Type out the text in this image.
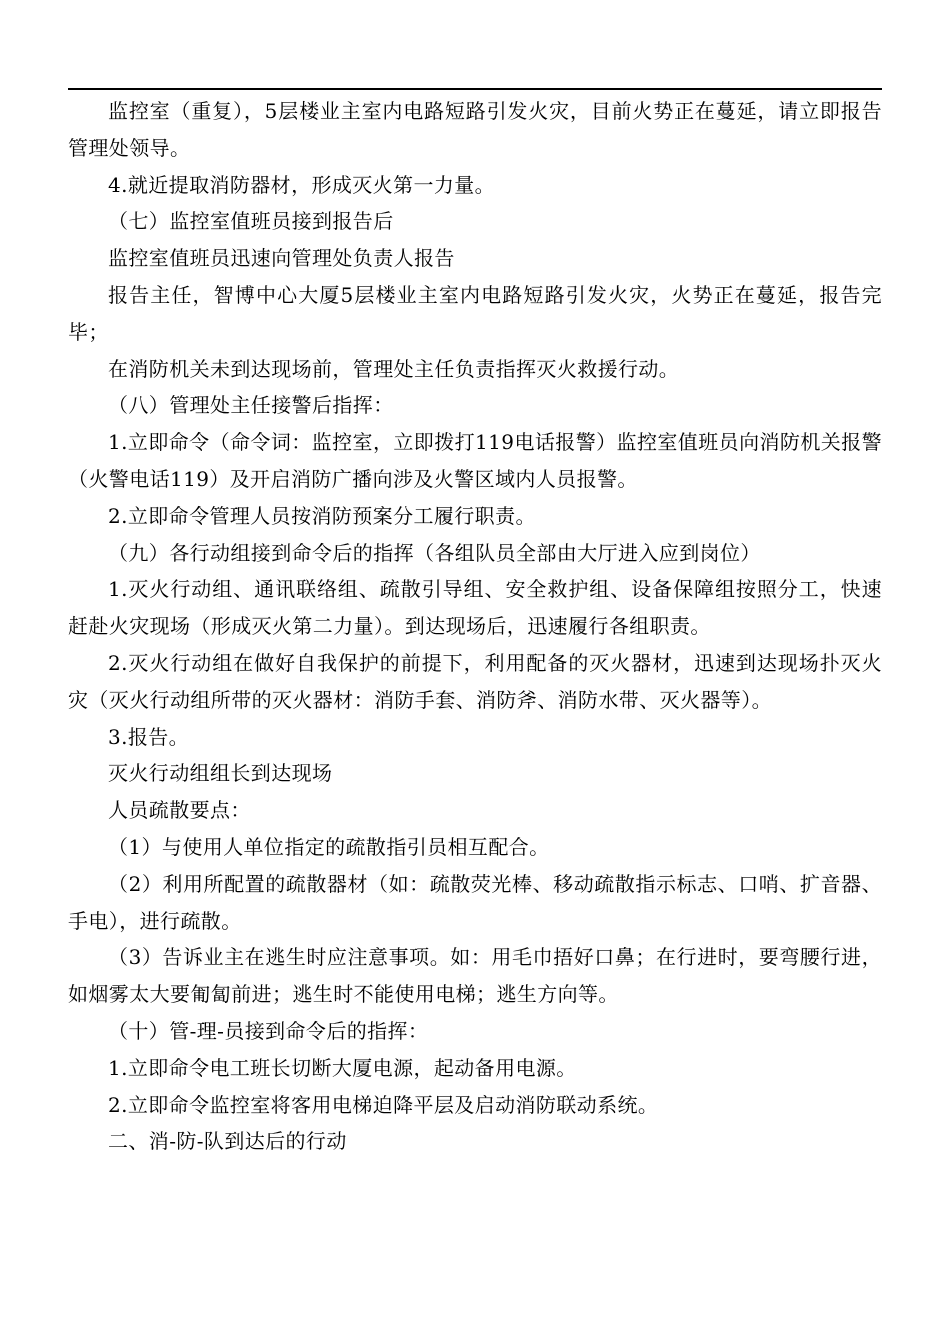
监控室（重复），5层楼业主室内电路短路引发火灾，目前火势正在蔓延，请立即报告管理处领导。

4.就近提取消防器材，形成灭火第一力量。

（七）监控室值班员接到报告后

监控室值班员迅速向管理处负责人报告

报告主任，智博中心大厦5层楼业主室内电路短路引发火灾，火势正在蔓延，报告完毕；

在消防机关未到达现场前，管理处主任负责指挥灭火救援行动。

（八）管理处主任接警后指挥：

1.立即命令（命令词：监控室，立即拨打119电话报警）监控室值班员向消防机关报警（火警电话119）及开启消防广播向涉及火警区域内人员报警。

2.立即命令管理人员按消防预案分工履行职责。

（九）各行动组接到命令后的指挥（各组队员全部由大厅进入应到岗位）

1.灭火行动组、通讯联络组、疏散引导组、安全救护组、设备保障组按照分工，快速赶赴火灾现场（形成灭火第二力量）。到达现场后，迅速履行各组职责。

2.灭火行动组在做好自我保护的前提下，利用配备的灭火器材，迅速到达现场扑灭火灾（灭火行动组所带的灭火器材：消防手套、消防斧、消防水带、灭火器等）。

3.报告。

灭火行动组组长到达现场

人员疏散要点：

（1）与使用人单位指定的疏散指引员相互配合。

（2）利用所配置的疏散器材（如：疏散荧光棒、移动疏散指示标志、口哨、扩音器、手电），进行疏散。

（3）告诉业主在逃生时应注意事项。如：用毛巾捂好口鼻；在行进时，要弯腰行进，如烟雾太大要匍匐前进；逃生时不能使用电梯；逃生方向等。

（十）管-理-员接到命令后的指挥：

1.立即命令电工班长切断大厦电源，起动备用电源。

2.立即命令监控室将客用电梯迫降平层及启动消防联动系统。

二、消-防-队到达后的行动
